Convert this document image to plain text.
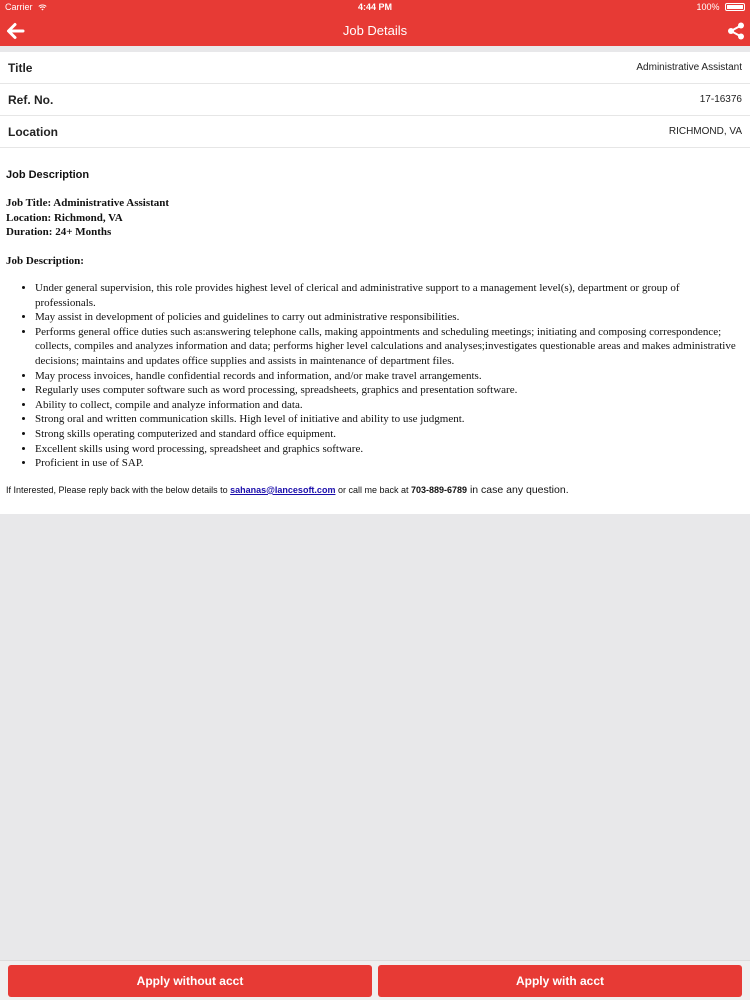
Carrier	4:44 PM	100%
Job Details
Title	Administrative Assistant
Ref. No.	17-16376
Location	RICHMOND, VA
Job Description
Job Title: Administrative Assistant
Location: Richmond, VA
Duration: 24+ Months
Job Description:
• Under general supervision, this role provides highest level of clerical and administrative support to a management level(s), department or group of professionals.
• May assist in development of policies and guidelines to carry out administrative responsibilities.
• Performs general office duties such as:answering telephone calls, making appointments and scheduling meetings; initiating and composing correspondence; collects, compiles and analyzes information and data; performs higher level calculations and analyses;investigates questionable areas and makes administrative decisions; maintains and updates office supplies and assists in maintenance of department files.
• May process invoices, handle confidential records and information, and/or make travel arrangements.
• Regularly uses computer software such as word processing, spreadsheets, graphics and presentation software.
• Ability to collect, compile and analyze information and data.
• Strong oral and written communication skills. High level of initiative and ability to use judgment.
• Strong skills operating computerized and standard office equipment.
• Excellent skills using word processing, spreadsheet and graphics software.
• Proficient in use of SAP.
If Interested, Please reply back with the below details to sahanas@lancesoft.com or call me back at 703-889-6789 in case any question.
Apply without acct	Apply with acct
